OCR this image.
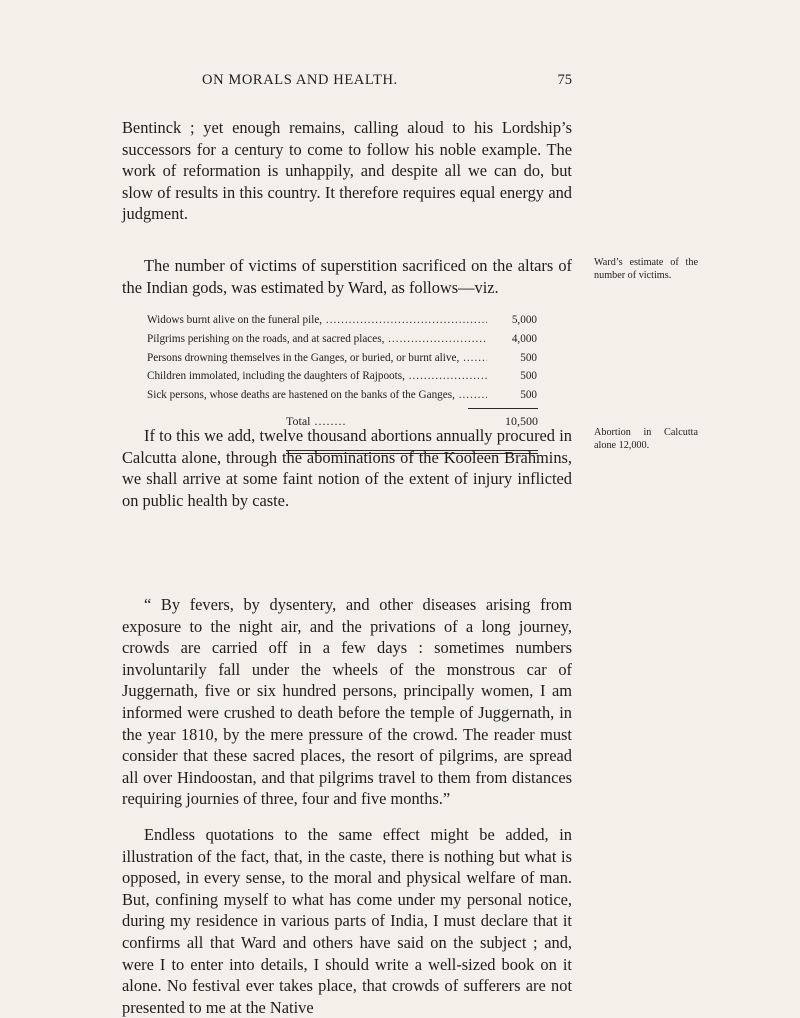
ON MORALS AND HEALTH.	75

Bentinck ; yet enough remains, calling aloud to his Lordship’s successors for a century to come to follow his noble example. The work of reformation is unhappily, and despite all we can do, but slow of results in this country. It therefore requires equal energy and judgment.

The number of victims of superstition sacrificed on the altars of the Indian gods, was estimated by Ward, as follows—viz.

Ward’s estimate of the number of victims.
Widows burnt alive on the funeral pile, .....	5,000
Pilgrims perishing on the roads, and at sacred places, .....	4,000
Persons drowning themselves in the Ganges, or buried, or burnt alive, .....	500
Children immolated, including the daughters of Rajpoots, .....	500
Sick persons, whose deaths are hastened on the banks of the Ganges, .....	500
Total .....	10,500

If to this we add, twelve thousand abortions annually procured in Calcutta alone, through the abominations of the Kooleen Brahmins, we shall arrive at some faint notion of the extent of injury inflicted on public health by caste.

Abortion in Calcutta alone 12,000.

“ By fevers, by dysentery, and other diseases arising from exposure to the night air, and the privations of a long journey, crowds are carried off in a few days : sometimes numbers involuntarily fall under the wheels of the monstrous car of Juggernath, five or six hundred persons, principally women, I am informed were crushed to death before the temple of Juggernath, in the year 1810, by the mere pressure of the crowd. The reader must consider that these sacred places, the resort of pilgrims, are spread all over Hindoostan, and that pilgrims travel to them from distances requiring journies of three, four and five months.”

Endless quotations to the same effect might be added, in illustration of the fact, that, in the caste, there is nothing but what is opposed, in every sense, to the moral and physical welfare of man. But, confining myself to what has come under my personal notice, during my residence in various parts of India, I must declare that it confirms all that Ward and others have said on the subject ; and, were I to enter into details, I should write a well-sized book on it alone. No festival ever takes place, that crowds of sufferers are not presented to me at the Native
